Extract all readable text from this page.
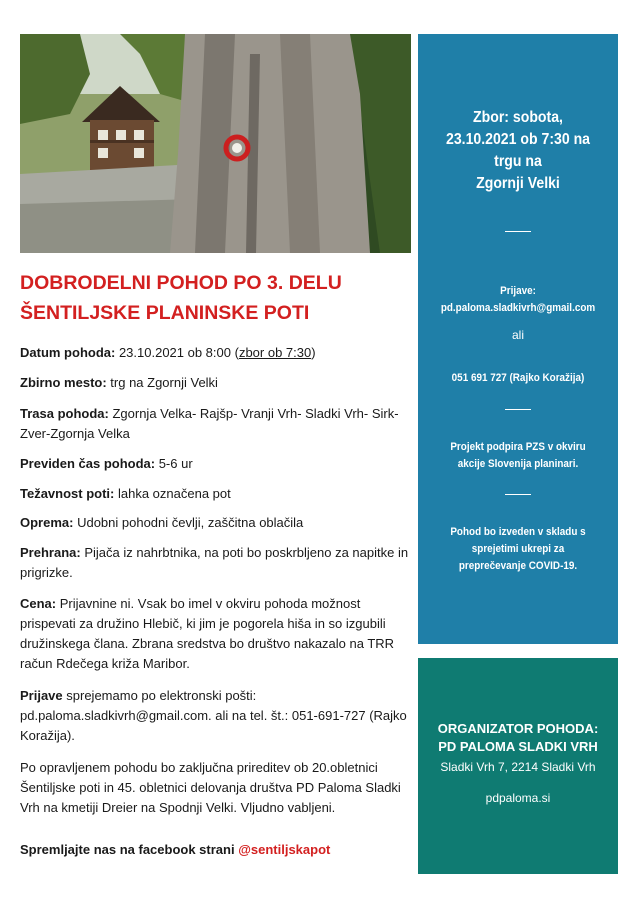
DOBRODELNI POHOD PO 3. DELU
ŠENTILJSKE PLANINSKE POTI
Datum pohoda: 23.10.2021 ob 8:00 (zbor ob 7:30)
Zbirno mesto: trg na Zgornji Velki
Trasa pohoda: Zgornja Velka- Rajšp- Vranji Vrh- Sladki Vrh- Sirk- Zver-Zgornja Velka
Previden čas pohoda: 5-6 ur
Težavnost poti: lahka označena pot
Oprema: Udobni pohodni čevlji, zaščitna oblačila
Prehrana: Pijača iz nahrbtnika, na poti bo poskrbljeno za napitke in prigrizke.
Cena: Prijavnine ni. Vsak bo imel v okviru pohoda možnost prispevati za družino Hlebič, ki jim je pogorela hiša in so izgubili družinskega člana. Zbrana sredstva bo društvo nakazalo na TRR račun Rdečega križa Maribor.
Prijave sprejemamo po elektronski pošti: pd.paloma.sladkivrh@gmail.com. ali na tel. št.: 051-691-727 (Rajko Koražija).
Po opravljenem pohodu bo zaključna prireditev ob 20.obletnici Šentiljske poti in 45. obletnici delovanja društva PD Paloma Sladki Vrh na kmetiji Dreier na Spodnji Velki. Vljudno vabljeni.
Spremljajte nas na facebook strani @sentiljskapot
Zbor: sobota,
23.10.2021 ob 7:30 na
trgu na
Zgornji Velki
Prijave:
pd.paloma.sladkivrh@gmail.com
ali
051 691 727 (Rajko Koražija)
Projekt podpira PZS v okviru
akcije Slovenija planinari.
Pohod bo izveden v skladu s
sprejetimi ukrepi za
preprečevanje COVID-19.
ORGANIZATOR POHODA:
PD PALOMA SLADKI VRH
Sladki Vrh 7, 2214 Sladki Vrh
pdpaloma.si
